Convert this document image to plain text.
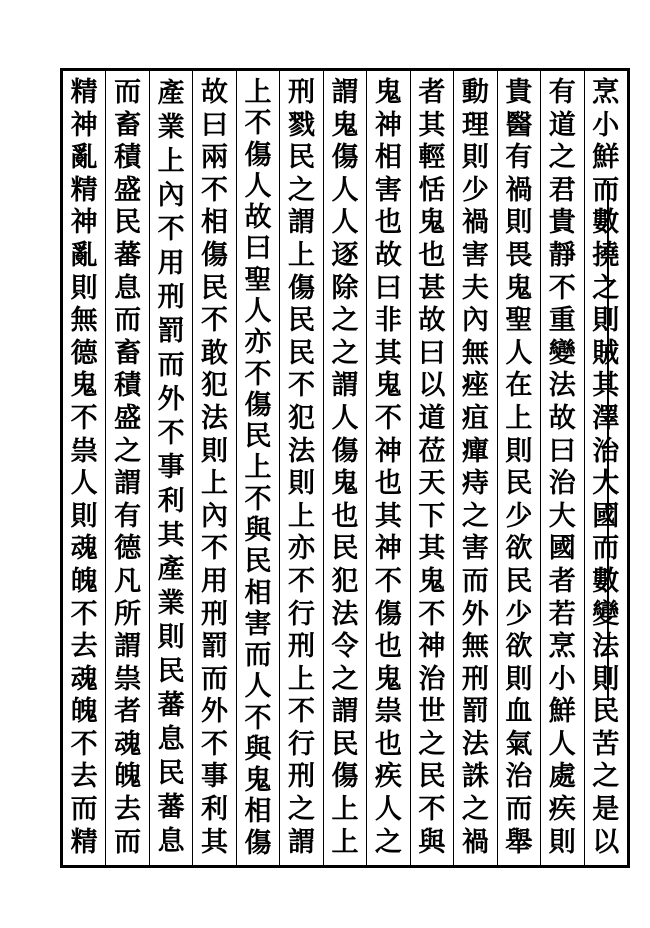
烹
小
鮮
而
數
撓
之
則
賊
其
澤
治
大
國
而
數
變
法
則
民
苦
之
是
以
有
道
之
君
貴
靜
不
重
變
法
故
曰
治
大
國
者
若
烹
小
鮮
人
處
疾
則
貴
醫
有
禍
則
畏
鬼
聖
人
在
上
則
民
少
欲
民
少
欲
則
血
氣
治
而
舉
動
理
則
少
禍
害
夫
內
無
痤
疽
癉
痔
之
害
而
外
無
刑
罰
法
誅
之
禍
者
其
輕
恬
鬼
也
甚
故
曰
以
道
莅
天
下
其
鬼
不
神
治
世
之
民
不
與
鬼
神
相
害
也
故
曰
非
其
鬼
不
神
也
其
神
不
傷
也
鬼
祟
也
疾
人
之
謂
鬼
傷
人
人
逐
除
之
之
謂
人
傷
鬼
也
民
犯
法
令
之
謂
民
傷
上
上
刑
戮
民
之
謂
上
傷
民
民
不
犯
法
則
上
亦
不
行
刑
上
不
行
刑
之
謂
上
不
傷
人
故
曰
聖
人
亦
不
傷
民
上
不
與
民
相
害
而
人
不
與
鬼
相
傷
故
曰
兩
不
相
傷
民
不
敢
犯
法
則
上
內
不
用
刑
罰
而
外
不
事
利
其
產
業
上
內
不
用
刑
罰
而
外
不
事
利
其
產
業
則
民
蕃
息
民
蕃
息
而
畜
積
盛
民
蕃
息
而
畜
積
盛
之
謂
有
德
凡
所
謂
祟
者
魂
魄
去
而
精
神
亂
精
神
亂
則
無
德
鬼
不
祟
人
則
魂
魄
不
去
魂
魄
不
去
而
精
